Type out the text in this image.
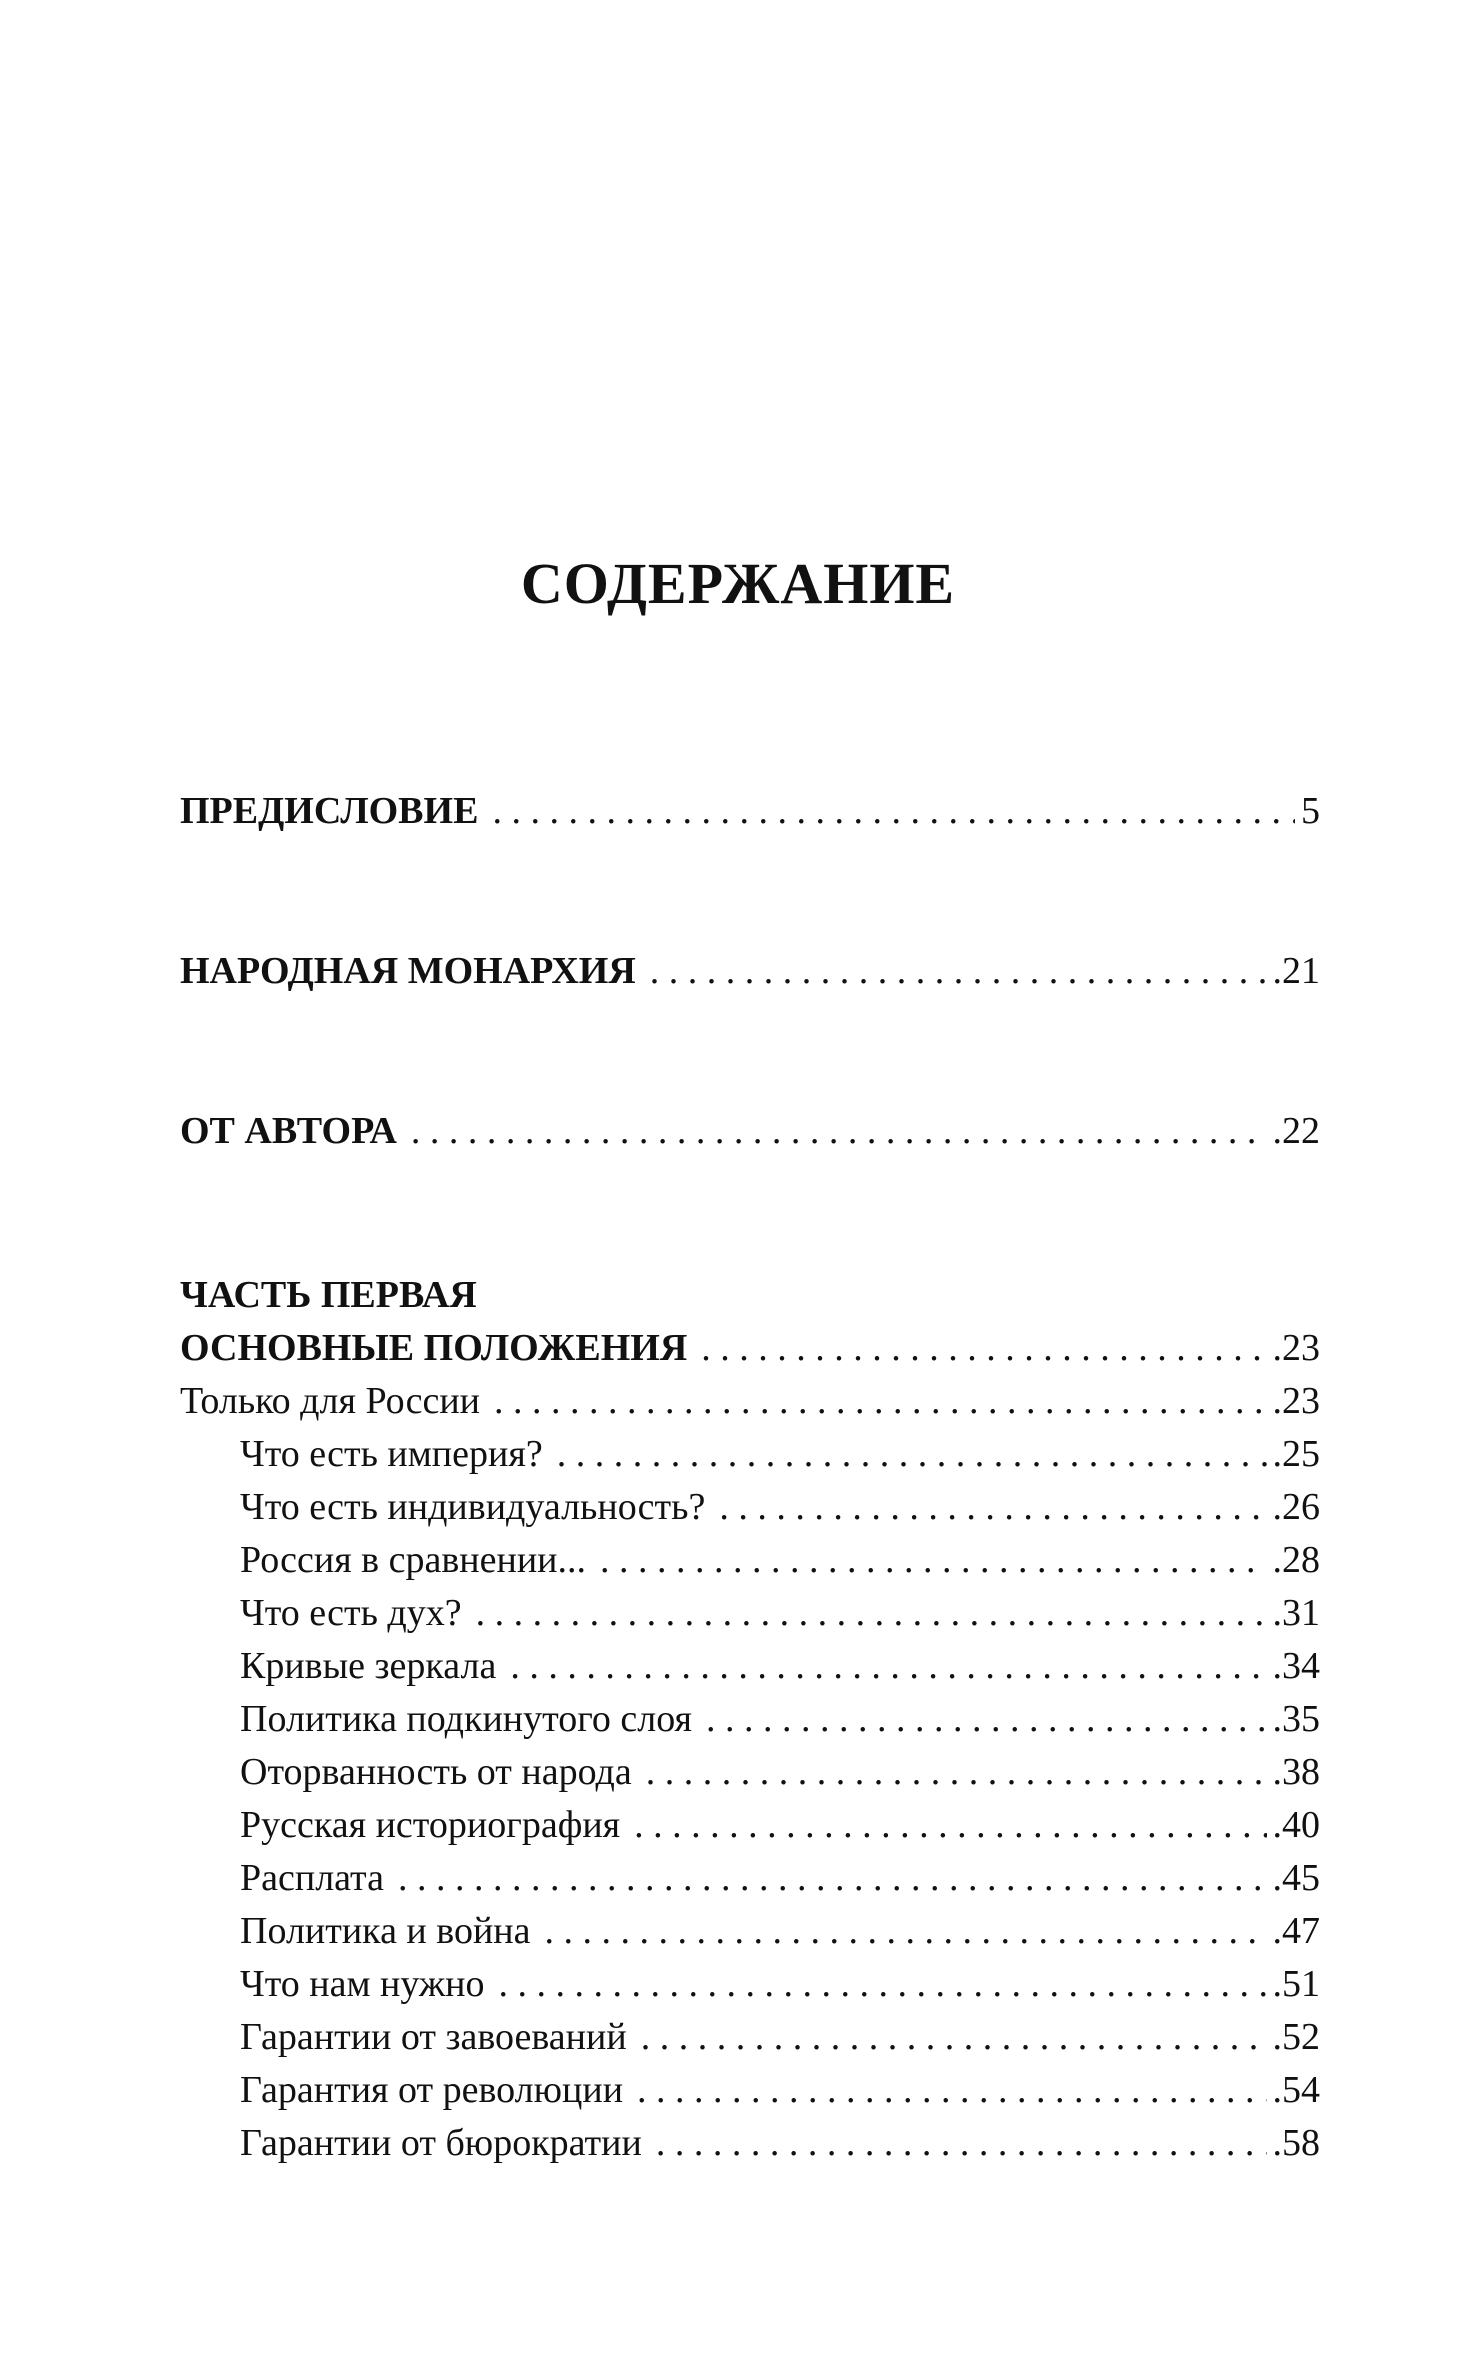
СОДЕРЖАНИЕ
ПРЕДИСЛОВИЕ . . .	5
НАРОДНАЯ МОНАРХИЯ . . .	.21
ОТ АВТОРА . . .	.22
ЧАСТЬ ПЕРВАЯ
ОСНОВНЫЕ ПОЛОЖЕНИЯ . . .	.23
Только для России . . .	.23
Что есть империя? . . .	.25
Что есть индивидуальность? . . .	.26
Россия в сравнении... . . .	.28
Что есть дух? . . .	.31
Кривые зеркала . . .	.34
Политика подкинутого слоя . . .	.35
Оторванность от народа . . .	.38
Русская историография . . .	.40
Расплата . . .	.45
Политика и война . . .	.47
Что нам нужно . . .	.51
Гарантии от завоеваний . . .	.52
Гарантия от революции . . .	.54
Гарантии от бюрократии . . .	.58
